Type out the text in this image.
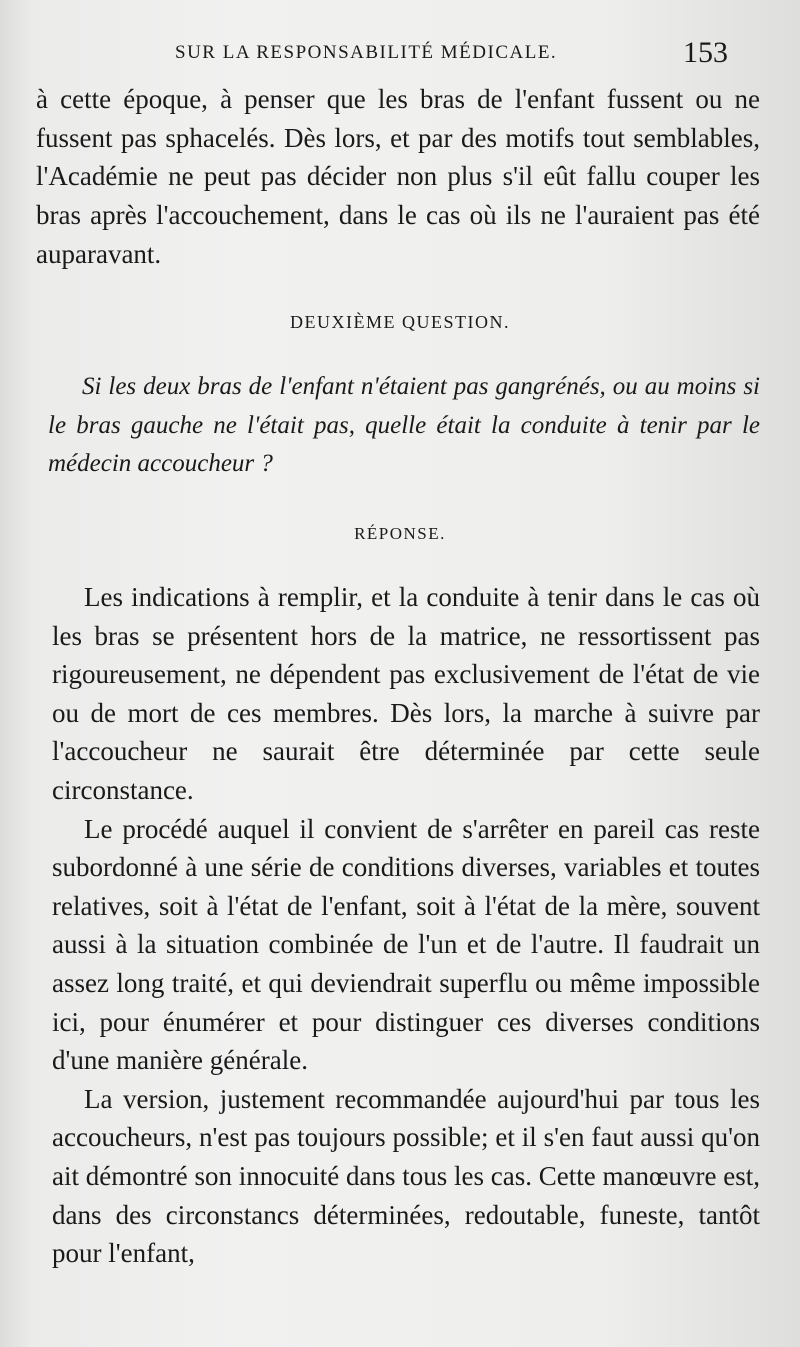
SUR LA RESPONSABILITÉ MÉDICALE.	153

à cette époque, à penser que les bras de l'enfant fussent ou ne fussent pas sphacelés. Dès lors, et par des motifs tout semblables, l'Académie ne peut pas décider non plus s'il eût fallu couper les bras après l'accouchement, dans le cas où ils ne l'auraient pas été auparavant.

DEUXIÈME QUESTION.

Si les deux bras de l'enfant n'étaient pas gangrénés, ou au moins si le bras gauche ne l'était pas, quelle était la conduite à tenir par le médecin accoucheur ?

RÉPONSE.

Les indications à remplir, et la conduite à tenir dans le cas où les bras se présentent hors de la matrice, ne ressortissent pas rigoureusement, ne dépendent pas exclusivement de l'état de vie ou de mort de ces membres. Dès lors, la marche à suivre par l'accoucheur ne saurait être déterminée par cette seule circonstance.

Le procédé auquel il convient de s'arrêter en pareil cas reste subordonné à une série de conditions diverses, variables et toutes relatives, soit à l'état de l'enfant, soit à l'état de la mère, souvent aussi à la situation combinée de l'un et de l'autre. Il faudrait un assez long traité, et qui deviendrait superflu ou même impossible ici, pour énumérer et pour distinguer ces diverses conditions d'une manière générale.

La version, justement recommandée aujourd'hui par tous les accoucheurs, n'est pas toujours possible; et il s'en faut aussi qu'on ait démontré son innocuité dans tous les cas. Cette manœuvre est, dans des circonstancs déterminées, redoutable, funeste, tantôt pour l'enfant,
